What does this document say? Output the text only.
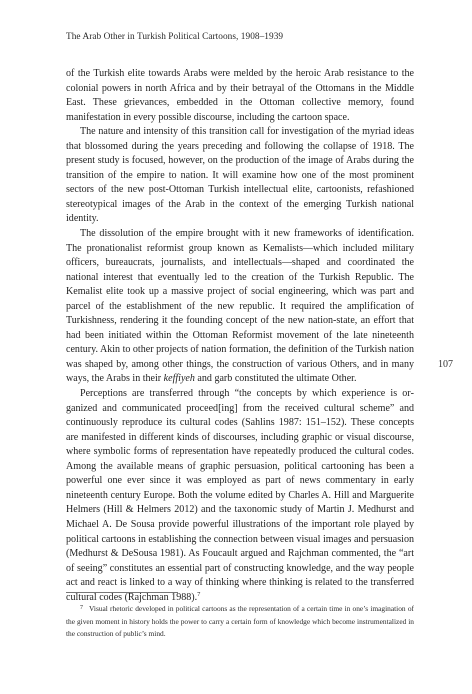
The Arab Other in Turkish Political Cartoons, 1908–1939

of the Turkish elite towards Arabs were melded by the heroic Arab resistance to the colonial powers in north Africa and by their betrayal of the Ottomans in the Middle East. These grievances, embedded in the Ottoman collective memory, found manifestation in every possible discourse, including the cartoon space.

The nature and intensity of this transition call for investigation of the myriad ideas that blossomed during the years preceding and following the collapse of 1918. The present study is focused, however, on the production of the image of Arabs during the transition of the empire to nation. It will examine how one of the most prominent sectors of the new post-Ottoman Turkish intellectual elite, cartoonists, refashioned stereotypical images of the Arab in the context of the emerging Turkish national identity.

The dissolution of the empire brought with it new frameworks of identification. The pronationalist reformist group known as Kemalists—which included military officers, bureaucrats, journalists, and intellectuals—shaped and coordinated the national interest that eventually led to the creation of the Turkish Republic. The Kemalist elite took up a massive project of social engineering, which was part and parcel of the establishment of the new republic. It required the amplification of Turkishness, rendering it the founding concept of the new nation-state, an effort that had been initiated within the Ottoman Reformist movement of the late nineteenth century. Akin to other projects of nation formation, the definition of the Turkish nation was shaped by, among other things, the construction of various Others, and in many ways, the Arabs in their keffiyeh and garb constituted the ultimate Other.

Perceptions are transferred through “the concepts by which experience is organized and communicated proceed[ing] from the received cultural scheme” and continuously reproduce its cultural codes (Sahlins 1987: 151–152). These concepts are manifested in different kinds of discourses, including graphic or visual discourse, where symbolic forms of representation have repeatedly produced the cultural codes. Among the available means of graphic persuasion, political cartooning has been a powerful one ever since it was employed as part of news commentary in early nineteenth century Europe. Both the volume edited by Charles A. Hill and Marguerite Helmers (Hill & Helmers 2012) and the taxonomic study of Martin J. Medhurst and Michael A. De Sousa provide powerful illustrations of the important role played by political cartoons in establishing the connection between visual images and persuasion (Medhurst & DeSousa 1981). As Foucault argued and Rajchman commented, the “art of seeing” constitutes an essential part of constructing knowledge, and the way people act and react is linked to a way of thinking where thinking is related to the transferred cultural codes (Rajchman 1988).$^7$

107
$^7$ Visual rhetoric developed in political cartoons as the representation of a certain time in one’s imagination of the given moment in history holds the power to carry a certain form of knowledge which become instrumentalized in the construction of public’s mind.
